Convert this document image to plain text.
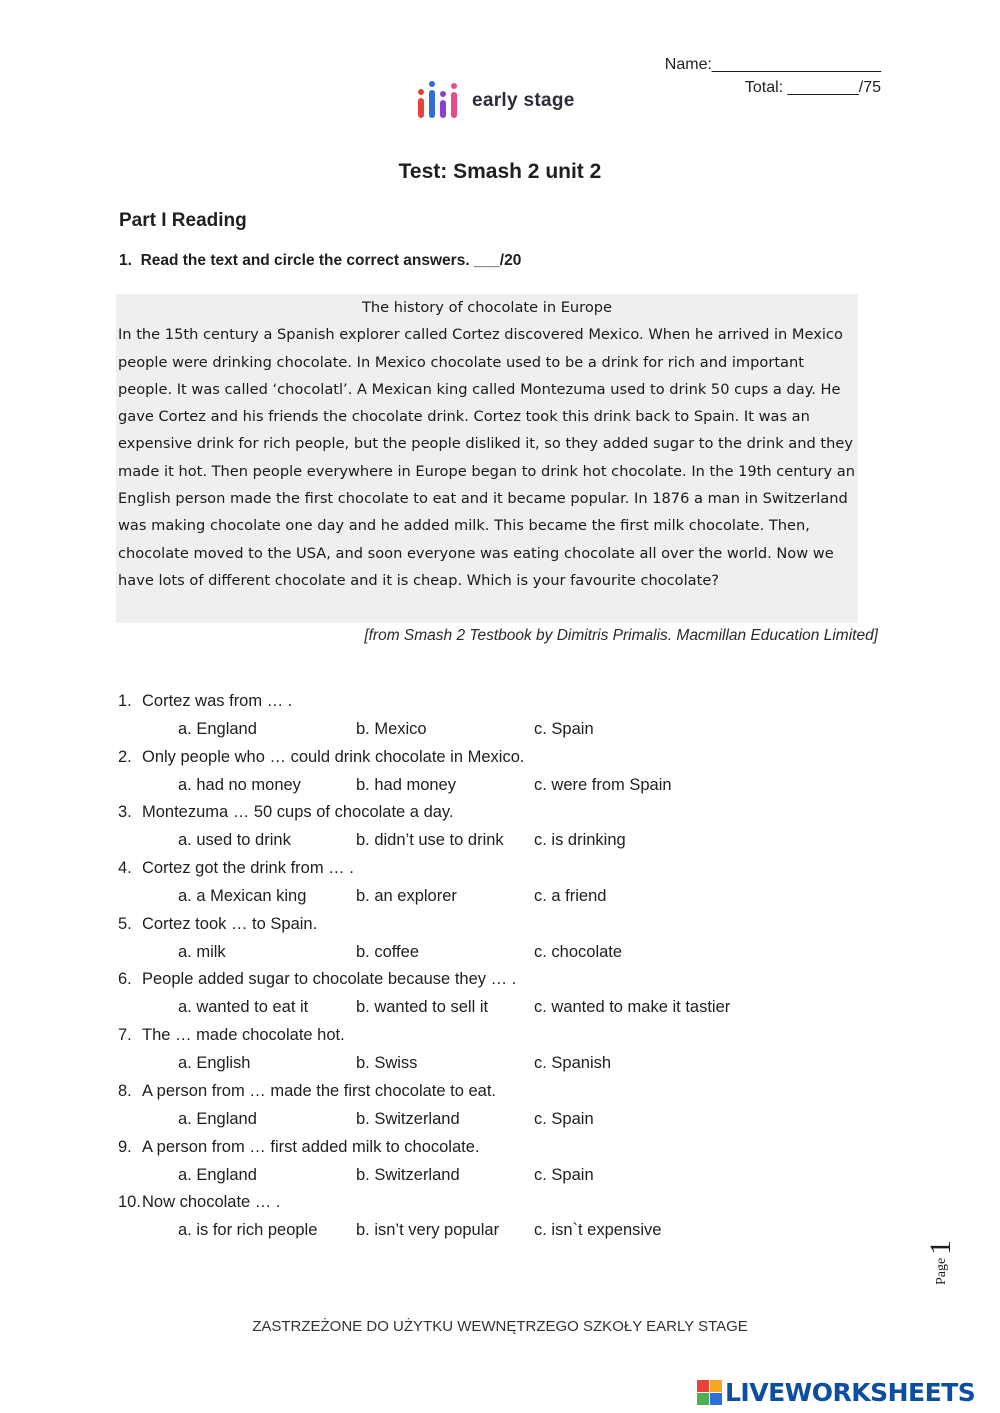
Name:___________________
Total: ________/75
early stage
Test: Smash 2 unit 2
Part I Reading
1. Read the text and circle the correct answers. ___/20
The history of chocolate in Europe

In the 15th century a Spanish explorer called Cortez discovered Mexico. When he arrived in Mexico people were drinking chocolate. In Mexico chocolate used to be a drink for rich and important people. It was called ‘chocolatl’. A Mexican king called Montezuma used to drink 50 cups a day. He gave Cortez and his friends the chocolate drink. Cortez took this drink back to Spain. It was an expensive drink for rich people, but the people disliked it, so they added sugar to the drink and they made it hot. Then people everywhere in Europe began to drink hot chocolate. In the 19th century an English person made the first chocolate to eat and it became popular. In 1876 a man in Switzerland was making chocolate one day and he added milk. This became the first milk chocolate. Then, chocolate moved to the USA, and soon everyone was eating chocolate all over the world. Now we have lots of different chocolate and it is cheap. Which is your favourite chocolate?

[from Smash 2 Testbook by Dimitris Primalis. Macmillan Education Limited]
1. Cortez was from … .
a. England	b. Mexico	c. Spain
2. Only people who … could drink chocolate in Mexico.
a. had no money	b. had money	c. were from Spain
3. Montezuma … 50 cups of chocolate a day.
a. used to drink	b. didn’t use to drink c. is drinking
4. Cortez got the drink from … .
a. a Mexican king	b. an explorer	c. a friend
5. Cortez took … to Spain.
a. milk	b. coffee	c. chocolate
6. People added sugar to chocolate because they … .
a. wanted to eat it	b. wanted to sell it	c. wanted to make it tastier
7. The … made chocolate hot.
a. English	b. Swiss	c. Spanish
8. A person from … made the first chocolate to eat.
a. England	b. Switzerland	c. Spain
9. A person from … first added milk to chocolate.
a. England	b. Switzerland	c. Spain
10.Now chocolate … .
a. is for rich people b. isn’t very popular c. isn`t expensive
Page
1
ZASTRZEŻONE DO UŻYTKU WEWNĘTRZEGO SZKOŁY EARLY STAGE
LIVEWORKSHEETS
